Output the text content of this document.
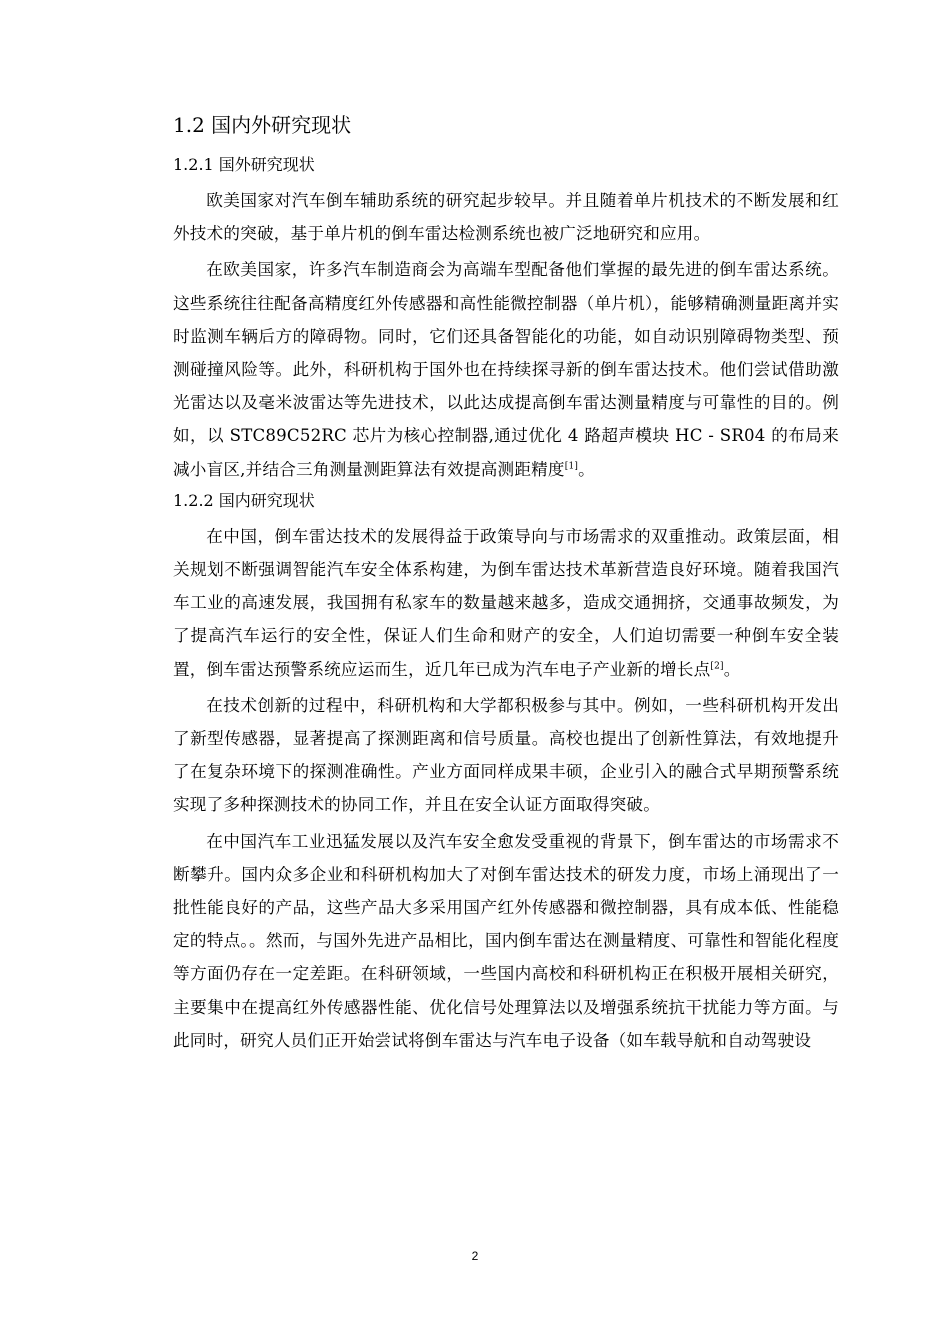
1.2 国内外研究现状
1.2.1 国外研究现状

欧美国家对汽车倒车辅助系统的研究起步较早。并且随着单片机技术的不断发展和红外技术的突破，基于单片机的倒车雷达检测系统也被广泛地研究和应用。

在欧美国家，许多汽车制造商会为高端车型配备他们掌握的最先进的倒车雷达系统。这些系统往往配备高精度红外传感器和高性能微控制器（单片机），能够精确测量距离并实时监测车辆后方的障碍物。同时，它们还具备智能化的功能，如自动识别障碍物类型、预测碰撞风险等。此外，科研机构于国外也在持续探寻新的倒车雷达技术。他们尝试借助激光雷达以及毫米波雷达等先进技术，以此达成提高倒车雷达测量精度与可靠性的目的。例如，以 STC89C52RC 芯片为核心控制器,通过优化 4 路超声模块 HC - SR04 的布局来减小盲区,并结合三角测量测距算法有效提高测距精度[1]。

1.2.2 国内研究现状

在中国，倒车雷达技术的发展得益于政策导向与市场需求的双重推动。政策层面，相关规划不断强调智能汽车安全体系构建，为倒车雷达技术革新营造良好环境。随着我国汽车工业的高速发展，我国拥有私家车的数量越来越多，造成交通拥挤，交通事故频发，为了提高汽车运行的安全性，保证人们生命和财产的安全，人们迫切需要一种倒车安全装置，倒车雷达预警系统应运而生，近几年已成为汽车电子产业新的增长点[2]。

在技术创新的过程中，科研机构和大学都积极参与其中。例如，一些科研机构开发出了新型传感器，显著提高了探测距离和信号质量。高校也提出了创新性算法，有效地提升了在复杂环境下的探测准确性。产业方面同样成果丰硕，企业引入的融合式早期预警系统实现了多种探测技术的协同工作，并且在安全认证方面取得突破。

在中国汽车工业迅猛发展以及汽车安全愈发受重视的背景下，倒车雷达的市场需求不断攀升。国内众多企业和科研机构加大了对倒车雷达技术的研发力度，市场上涌现出了一批性能良好的产品，这些产品大多采用国产红外传感器和微控制器，具有成本低、性能稳定的特点。。然而，与国外先进产品相比，国内倒车雷达在测量精度、可靠性和智能化程度等方面仍存在一定差距。在科研领域，一些国内高校和科研机构正在积极开展相关研究，主要集中在提高红外传感器性能、优化信号处理算法以及增强系统抗干扰能力等方面。与此同时，研究人员们正开始尝试将倒车雷达与汽车电子设备（如车载导航和自动驾驶设

2
